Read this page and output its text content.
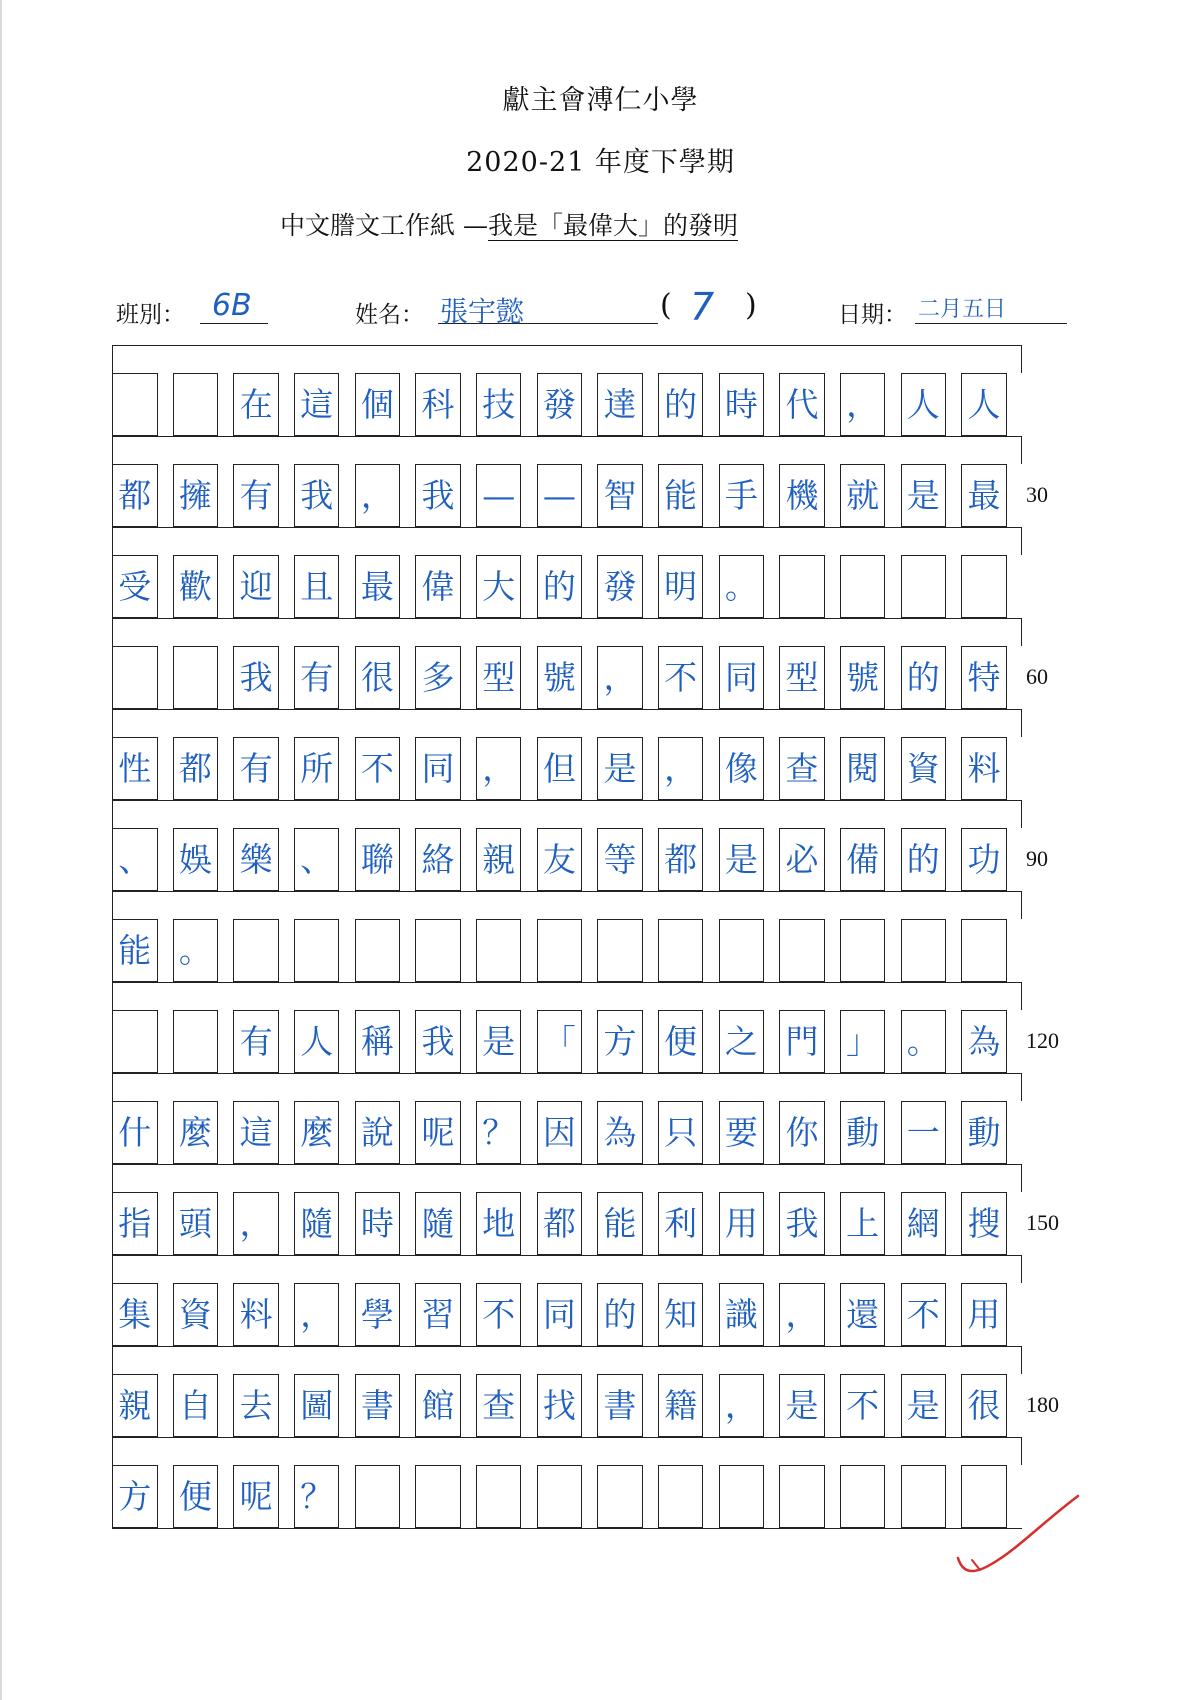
獻主會溥仁小學
2020-21 年度下學期
中文謄文工作紙 —我是「最偉大」的發明
班別： 6B	姓名： 張宇懿	( 7 )	日期： 二月五日
在 這 個 科 技 發 達 的 時 代 ， 人 人
都 擁 有 我 ， 我 — — 智 能 手 機 就 是 最
受 歡 迎 且 最 偉 大 的 發 明 。
我 有 很 多 型 號 ， 不 同 型 號 的 特
性 都 有 所 不 同 ， 但 是 ， 像 查 閱 資 料
、 娛 樂 、 聯 絡 親 友 等 都 是 必 備 的 功
能 。
有 人 稱 我 是 「 方 便 之 門 」 。 為
什 麼 這 麼 說 呢 ？ 因 為 只 要 你 動 一 動
指 頭 ， 隨 時 隨 地 都 能 利 用 我 上 網 搜
集 資 料 ， 學 習 不 同 的 知 識 ， 還 不 用
親 自 去 圖 書 館 查 找 書 籍 ， 是 不 是 很
方 便 呢 ？
30
60
90
120
150
180
